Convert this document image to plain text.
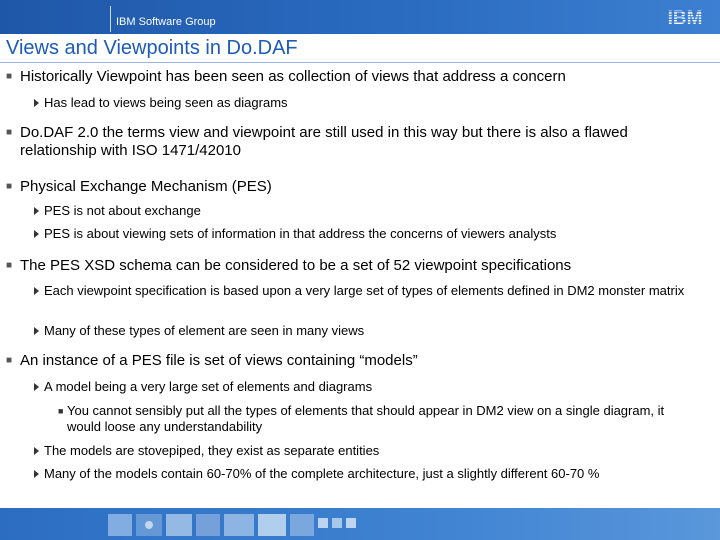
IBM Software Group	IBM
Views and Viewpoints in Do.DAF
■ Historically Viewpoint has been seen as collection of views that address a concern
Has lead to views being seen as diagrams
■ Do.DAF 2.0 the terms view and viewpoint are still used in this way but there is also a flawed relationship with ISO 1471/42010
■ Physical Exchange Mechanism (PES)
PES is not about exchange
PES is about viewing sets of information in that address the concerns of viewers analysts
■ The PES XSD schema can be considered to be a set of 52 viewpoint specifications
Each viewpoint specification is based upon a very large set of types of elements defined in DM2 monster matrix
Many of these types of element are seen in many views
■ An instance of a PES file is set of views containing “models”
A model being a very large set of elements and diagrams
■ You cannot sensibly put all the types of elements that should appear in DM2 view on a single diagram, it would loose any understandability
The models are stovepiped, they exist as separate entities
Many of the models contain 60-70% of the complete architecture, just a slightly different 60-70 %
